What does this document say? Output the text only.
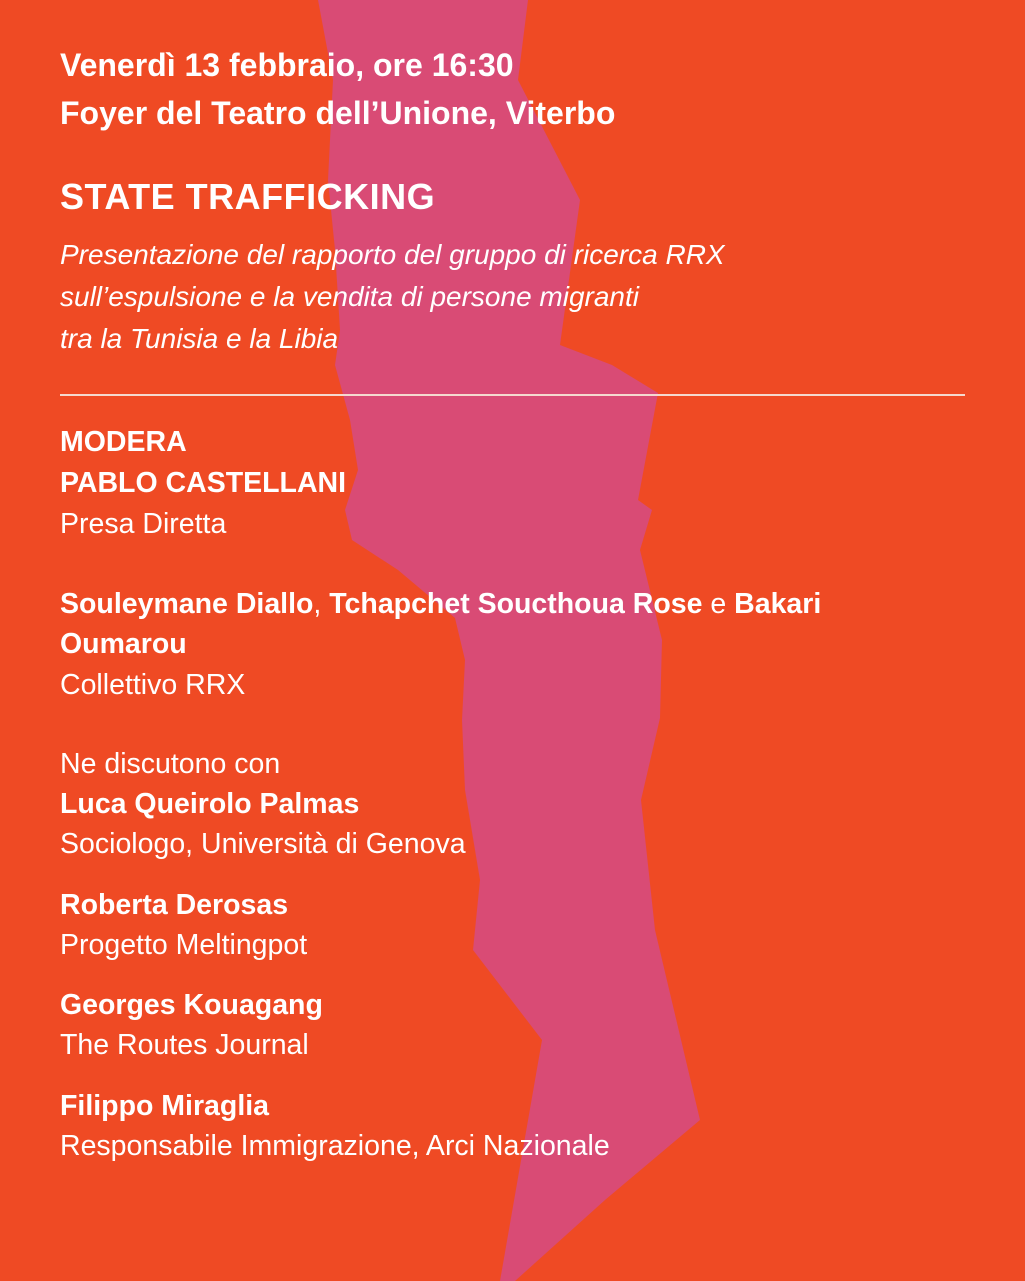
Venerdì 13 febbraio, ore 16:30
Foyer del Teatro dell’Unione, Viterbo
STATE TRAFFICKING
Presentazione del rapporto del gruppo di ricerca RRX
sull’espulsione e la vendita di persone migranti
tra la Tunisia e la Libia
MODERA
PABLO CASTELLANI
Presa Diretta
Souleymane Diallo, Tchapchet Soucthoua Rose e Bakari
Oumarou
Collettivo RRX
Ne discutono con
Luca Queirolo Palmas
Sociologo, Università di Genova
Roberta Derosas
Progetto Meltingpot
Georges Kouagang
The Routes Journal
Filippo Miraglia
Responsabile Immigrazione, Arci Nazionale
